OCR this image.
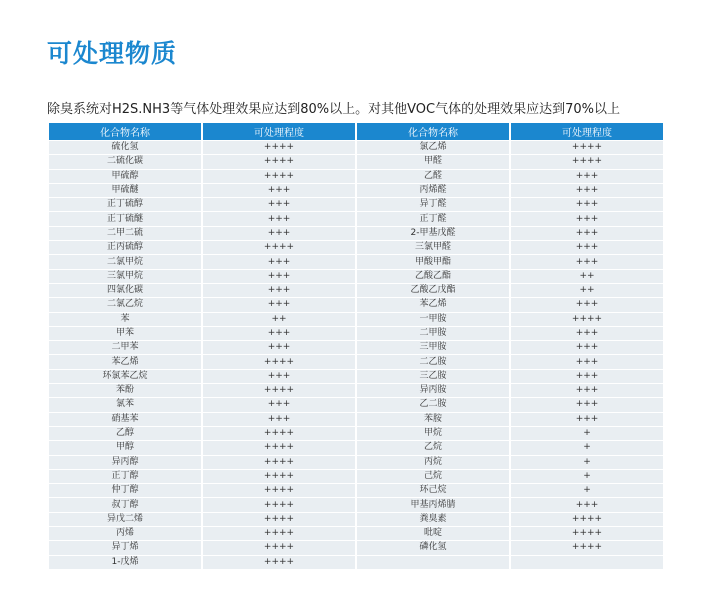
可处理物质
除臭系统对H2S.NH3等气体处理效果应达到80%以上。对其他VOC气体的处理效果应达到70%以上
化合物名称	可处理程度	化合物名称	可处理程度
硫化氢	++++	氯乙烯	++++
二硫化碳	++++	甲醛	++++
甲硫醇	++++	乙醛	+++
甲硫醚	+++	丙烯醛	+++
正丁硫醇	+++	异丁醛	+++
正丁硫醚	+++	正丁醛	+++
二甲二硫	+++	2-甲基戊醛	+++
正丙硫醇	++++	三氯甲醛	+++
二氯甲烷	+++	甲酸甲酯	+++
三氯甲烷	+++	乙酸乙酯	++
四氯化碳	+++	乙酸乙戊酯	++
二氯乙烷	+++	苯乙烯	+++
苯	++	一甲胺	++++
甲苯	+++	二甲胺	+++
二甲苯	+++	三甲胺	+++
苯乙烯	++++	二乙胺	+++
环氯苯乙烷	+++	三乙胺	+++
苯酚	++++	异丙胺	+++
氯苯	+++	乙二胺	+++
硝基苯	+++	苯胺	+++
乙醇	++++	甲烷	+
甲醇	++++	乙烷	+
异丙醇	++++	丙烷	+
正丁醇	++++	己烷	+
仲丁醇	++++	环己烷	+
叔丁醇	++++	甲基丙烯腈	+++
异戊二烯	++++	粪臭素	++++
丙烯	++++	吡啶	++++
异丁烯	++++	磷化氢	++++
1-戊烯	++++		
